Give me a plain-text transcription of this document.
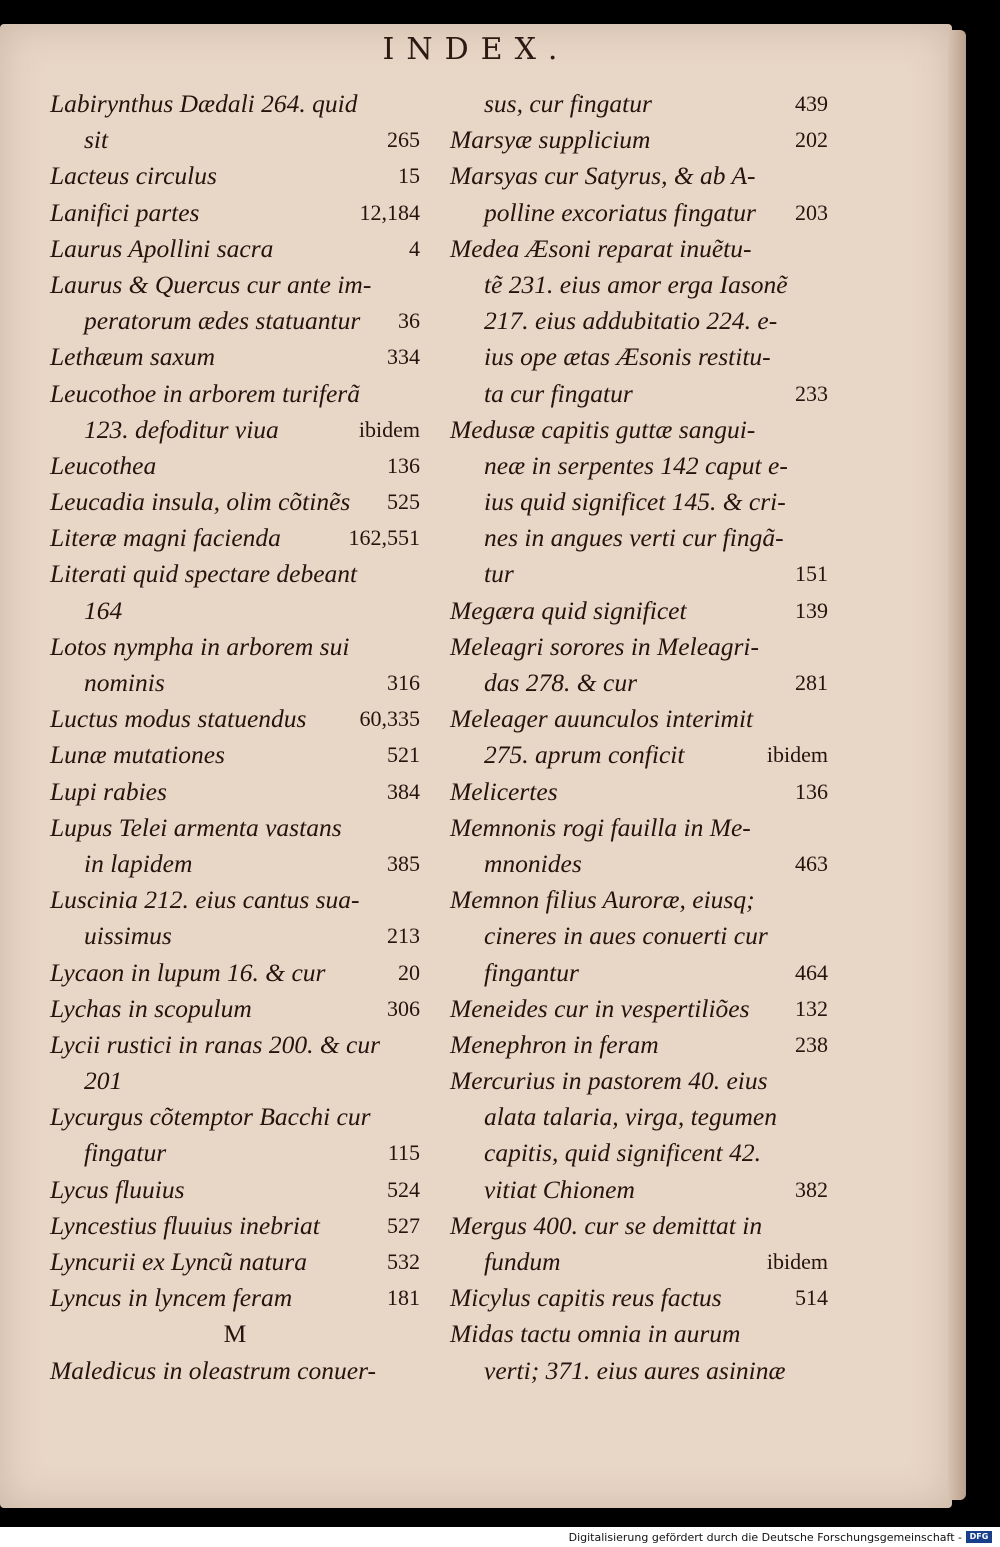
INDEX.
Labirynthus Dædali 264. quid
sit	265
Lacteus circulus	15
Lanifici partes	12,184
Laurus Apollini sacra	4
Laurus & Quercus cur ante im-
peratorum ædes statuantur 36
Lethæum saxum	334
Leucothoe in arborem turiferã
123. defoditur viua	ibidem
Leucothea	136
Leucadia insula, olim cõtinẽs 525
Literæ magni facienda	162,551
Literati quid spectare debeant
164
Lotos nympha in arborem sui
nominis	316
Luctus modus statuendus 60,335
Lunæ mutationes	521
Lupi rabies	384
Lupus Telei armenta vastans
in lapidem	385
Luscinia 212. eius cantus sua-
uissimus	213
Lycaon in lupum 16. & cur	20
Lychas in scopulum	306
Lycii rustici in ranas 200. & cur
201
Lycurgus cõtemptor Bacchi cur
fingatur	115
Lycus fluuius	524
Lyncestius fluuius inebriat	527
Lyncurii ex Lyncũ natura	532
Lyncus in lyncem feram	181
M
Maledicus in oleastrum conuer-
sus, cur fingatur	439
Marsyæ supplicium	202
Marsyas cur Satyrus, & ab A-
polline excoriatus fingatur 203
Medea Æsoni reparat inuẽtu-
tẽ 231. eius amor erga Iasonẽ
217. eius addubitatio 224. e-
ius ope ætas Æsonis restitu-
ta cur fingatur	233
Medusæ capitis guttæ sangui-
neæ in serpentes 142 caput e-
ius quid significet 145. & cri-
nes in angues verti cur fingã-
tur	151
Megæra quid significet	139
Meleagri sorores in Meleagri-
das 278. & cur	281
Meleager auunculos interimit
275. aprum conficit	ibidem
Melicertes	136
Memnonis rogi fauilla in Me-
mnonides	463
Memnon filius Auroræ, eiusq;
cineres in aues conuerti cur
fingantur	464
Meneides cur in vespertiliões 132
Menephron in feram	238
Mercurius in pastorem 40. eius
alata talaria, virga, tegumen
capitis, quid significent 42.
vitiat Chionem	382
Mergus 400. cur se demittat in
fundum	ibidem
Micylus capitis reus factus	514
Midas tactu omnia in aurum
verti; 371. eius aures asininæ
Digitalisierung gefördert durch die Deutsche Forschungsgemeinschaft - DFG
